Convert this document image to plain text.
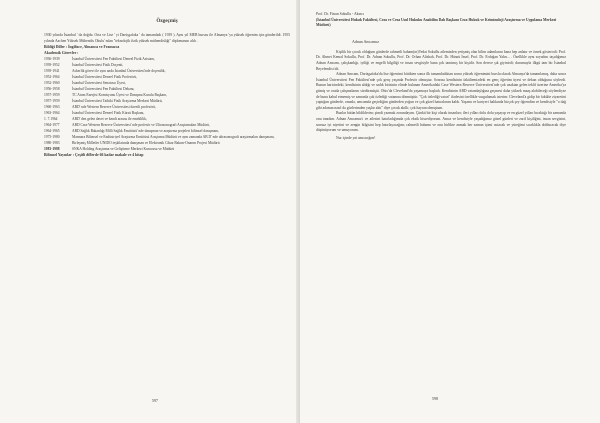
Özgeçmiş

1930 yılında İstanbul ' da doğdu. Orta ve Lise ' yi Darüşşafaka ' da tamamladı ( 1939 ). Aynı yıl MEB burssu ile Almanya 'ya yüksek öğrenim için gönderildi. 1955 yılında Aachen Yüksek Mühendis Okulu' ndan "teknolojik fizik yüksek mühendisliği" diplomasını aldı .

Bildiği Diller : İngilizce, Almanca ve Fransızca

Akademik Görevler :

1936-1939	İstanbul Üniversitesi Fen Fakültesi Deneel Fizik Asistanı,
1939-1952	İstanbul Üniversitesi Fizik Doçenti,
1939-1941	Askerlik görevi ile aynı anda İstanbul Üniversitesi'nde doçentlik,
1952-1964	İstanbul Üniversitesi Deneel Fizik Profesörü,
1952-1960	İstanbul Üniversitesi Senatosu Üyesi,
1956-1958	İstanbul Üniversitesi Fen Fakültesi Dekanı,
1957-1959	TC Atom Enerjisi Komisyonu Üyesi ve Danışma Kurulu Başkanı,
1957-1959	İstanbul Üniversitesi Tatbiki Fizik Araştırma Merkezi Müdürü,
1960-1963	ABD' nde Western Reserve Üniversitesi davetli profesörü,
1963-1964	İstanbul Üniversitesi Deneel Fizik Kürsü Başkanı,
1. 7.1964	ABD' den gelen davet ve kendi arzusu ile emeklilik,
1964-1977	ABD Case Western Reserve Üniversitesi' nde profesör ve Ultrasonografi Araştırmaları Müdürü,
1964-1965	ABD Sağlık Bakanlığı Milli Sağlık Enstitüsü' nde danışman ve araştırma projeleri bilimsel danışmanı,
1975-1980	Marmara Bilimsel ve Endüstriyel Araştırma Enstitüsü Araştırma Müdürü ve aynı zamanda AB D' nde ultrasonografi araştırmaları danışmanı,
1980-1983	Birleşmiş Milletler UNIDO teşkilatında danışman ve Elektronik Cihaz Bakım-Onarım Projesi Müdürü
1983-1988	SNKA Holding Araştırma ve Geliştirme Merkezi Kurucusu ve Müdürü

Bilimsel Yayınlar : Çeşitli dillerde 66 kadar makale ve 4 kitap

597
Prof. Dr. Füsun Sokullu - Akıncı
(İstanbul Üniversitesi Hukuk Fakültesi, Ceza ve Ceza Usul Hukuku Anabilim Dalı Başkanı Ceza Hukuk ve Kriminoloji Araştırma ve Uygulama Merkezi Müdürü)
Adnan Amcamız

Kişilik bir çocuk olduğum günlerde rahmetli babam(ın)Vedat Sokullu ailemizden yetişmiş olan bilim adamlarını bana hep anlatır ve örnek gösterirdi: Prof. Dr. Ahmet Kemal Sokullu, Prof. Dr. Adnan Sokullu, Prof. Dr. Orhan Alisbah, Prof. Dr. Hüsnü İnsel, Prof. Dr. Erdoğan Yalın... . Özellikle aynı soyadını taşıdığımız Adnan Amcam, çalışkanlığı, iyiliği ve engelli bilgiliği ve insan sevgisiyle bana çok tanıtmış bir kişidir. Son derece şık giyinirdi; durumuyla ilkgü tam bir İstanbul Beyefendisi idi.

Adnan Amcam, Darüşşafaka'da lise öğrenimi bittikten sonra ilk tamamladıktan sonra yüksek öğrenimini burslu olarak Almanya'da tamamlamış, daha sonra İstanbul Üniversitesi Fen Fakültesi'nde çok genç yaşında Profesör olmuştur. Sonrası kendisinin fakültemizdeki en genç öğretim üyesi ve dekan olduğunu söylerdi. Bunun haricindeki, kendisinin aldığı ve sadık birisinin elinde bulunan Amerikadaki Case Western Reserve Üniversitesi'nde çok uzaktan gelen teklif üzerine Amerika'ya gitmiş ve orada çalışmalarını sürdürmüştü. Ohio'da Cleveland'da yaşamaya başladı. Kendisinin ABD vatandaşlığına geçmesi daha yüksek maaş alabileceği söylendiyse de bunu kabul etmemiş ve zamanla çok özlediği vatanına dönmüştür. "Çok özlediği vatan" ifadesini özellikle vurgulamak isterim: Cleveland'a gidip bir fakülte ziyaretini yaptığım günlerde, onunla, amcamda geçirdiğim günlerden yoğun ve çok güzel hatıralarım kaldı. Yaşamı ve kariyeri hakkında birçok şey öğrendim ve kendisiyle "o dağ gibi adamın nasıl da gözlerimden yaşlar aktı" diye çocuk akıllı; çok hayran olmuştum.

Bunlar bütün bildiklerim; şimdi yazmak zorundayım. Çünkü bir kişi olarak insanları; ileri yılları dolu dolu yaşayıp ve en güzel yılları bıraktığı bir zamanda onu tanıdım. Adnan Amcamız'ı ve ailesini hatırladığımda çok eksik hissediyorum. Amca ve kendisiyle yaşadığımız güzel günleri ve zarif kişiliğini, insan sevgisini, sonsuz iyi niyetini ve zengin bilgisini hep hatırlayacağım; rahmetli babamı ve onu birlikte anmak her zaman içimi ısıtacak ve yüreğimi sıcaklıkla dolduracak diye düşünüyorum ve umuyorum.

Nur içinde yat amcacığım!
598
